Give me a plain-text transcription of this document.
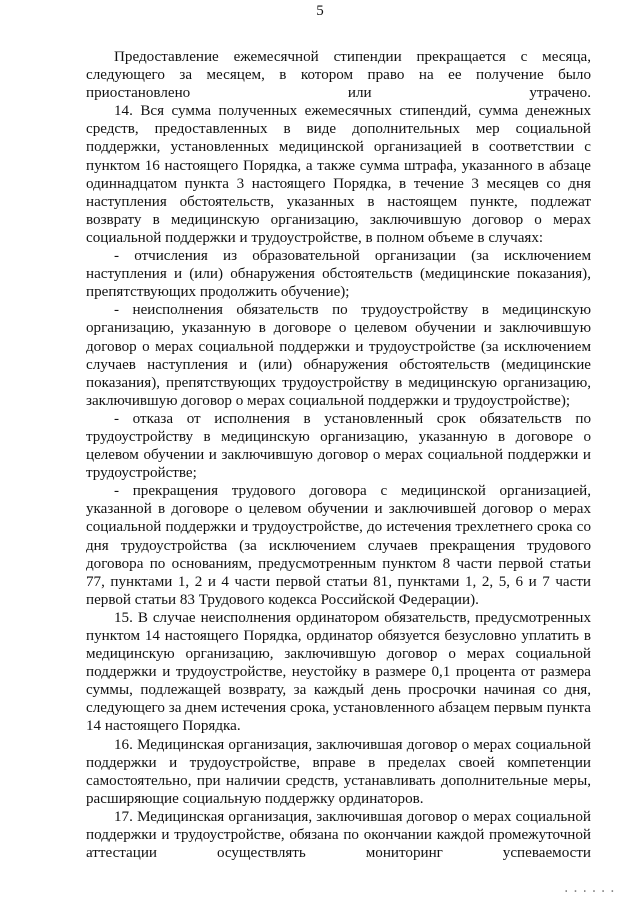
5

Предоставление ежемесячной стипендии прекращается с месяца, следующего за месяцем, в котором право на ее получение было приостановлено или утрачено.

14. Вся сумма полученных ежемесячных стипендий, сумма денежных средств, предоставленных в виде дополнительных мер социальной поддержки, установленных медицинской организацией в соответствии с пунктом 16 настоящего Порядка, а также сумма штрафа, указанного в абзаце одиннадцатом пункта 3 настоящего Порядка, в течение 3 месяцев со дня наступления обстоятельств, указанных в настоящем пункте, подлежат возврату в медицинскую организацию, заключившую договор о мерах социальной поддержки и трудоустройстве, в полном объеме в случаях:

- отчисления из образовательной организации (за исключением наступления и (или) обнаружения обстоятельств (медицинские показания), препятствующих продолжить обучение);

- неисполнения обязательств по трудоустройству в медицинскую организацию, указанную в договоре о целевом обучении и заключившую договор о мерах социальной поддержки и трудоустройстве (за исключением случаев наступления и (или) обнаружения обстоятельств (медицинские показания), препятствующих трудоустройству в медицинскую организацию, заключившую договор о мерах социальной поддержки и трудоустройстве);

- отказа от исполнения в установленный срок обязательств по трудоустройству в медицинскую организацию, указанную в договоре о целевом обучении и заключившую договор о мерах социальной поддержки и трудоустройстве;

- прекращения трудового договора с медицинской организацией, указанной в договоре о целевом обучении и заключившей договор о мерах социальной поддержки и трудоустройстве, до истечения трехлетнего срока со дня трудоустройства (за исключением случаев прекращения трудового договора по основаниям, предусмотренным пунктом 8 части первой статьи 77, пунктами 1, 2 и 4 части первой статьи 81, пунктами 1, 2, 5, 6 и 7 части первой статьи 83 Трудового кодекса Российской Федерации).

15. В случае неисполнения ординатором обязательств, предусмотренных пунктом 14 настоящего Порядка, ординатор обязуется безусловно уплатить в медицинскую организацию, заключившую договор о мерах социальной поддержки и трудоустройстве, неустойку в размере 0,1 процента от размера суммы, подлежащей возврату, за каждый день просрочки начиная со дня, следующего за днем истечения срока, установленного абзацем первым пункта 14 настоящего Порядка.

16. Медицинская организация, заключившая договор о мерах социальной поддержки и трудоустройстве, вправе в пределах своей компетенции самостоятельно, при наличии средств, устанавливать дополнительные меры, расширяющие социальную поддержку ординаторов.

17. Медицинская организация, заключившая договор о мерах социальной поддержки и трудоустройстве, обязана по окончании каждой промежуточной аттестации осуществлять мониторинг успеваемости

......
